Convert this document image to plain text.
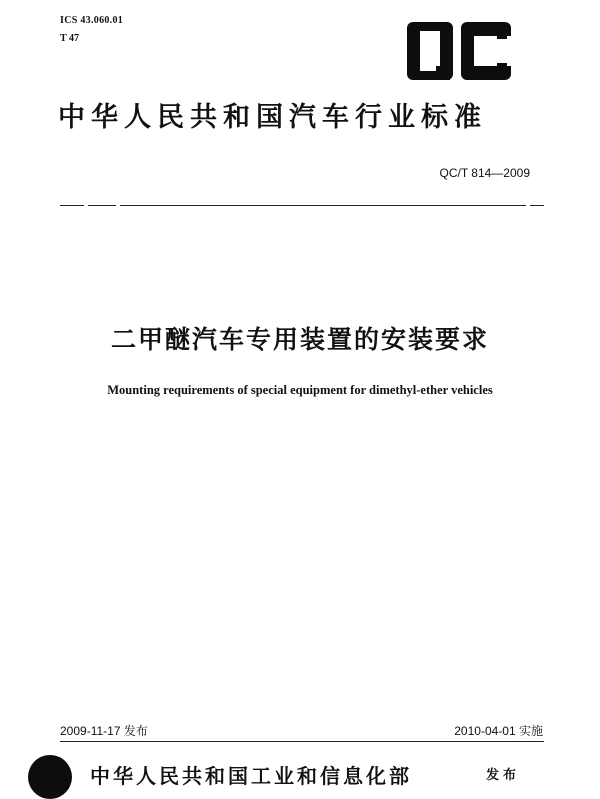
ICS 43.060.01
T 47
中华人民共和国汽车行业标准
QC/T 814—2009
二甲醚汽车专用装置的安装要求
Mounting requirements of special equipment for dimethyl-ether vehicles
2009-11-17 发布	2010-04-01 实施
中华人民共和国工业和信息化部	发布
